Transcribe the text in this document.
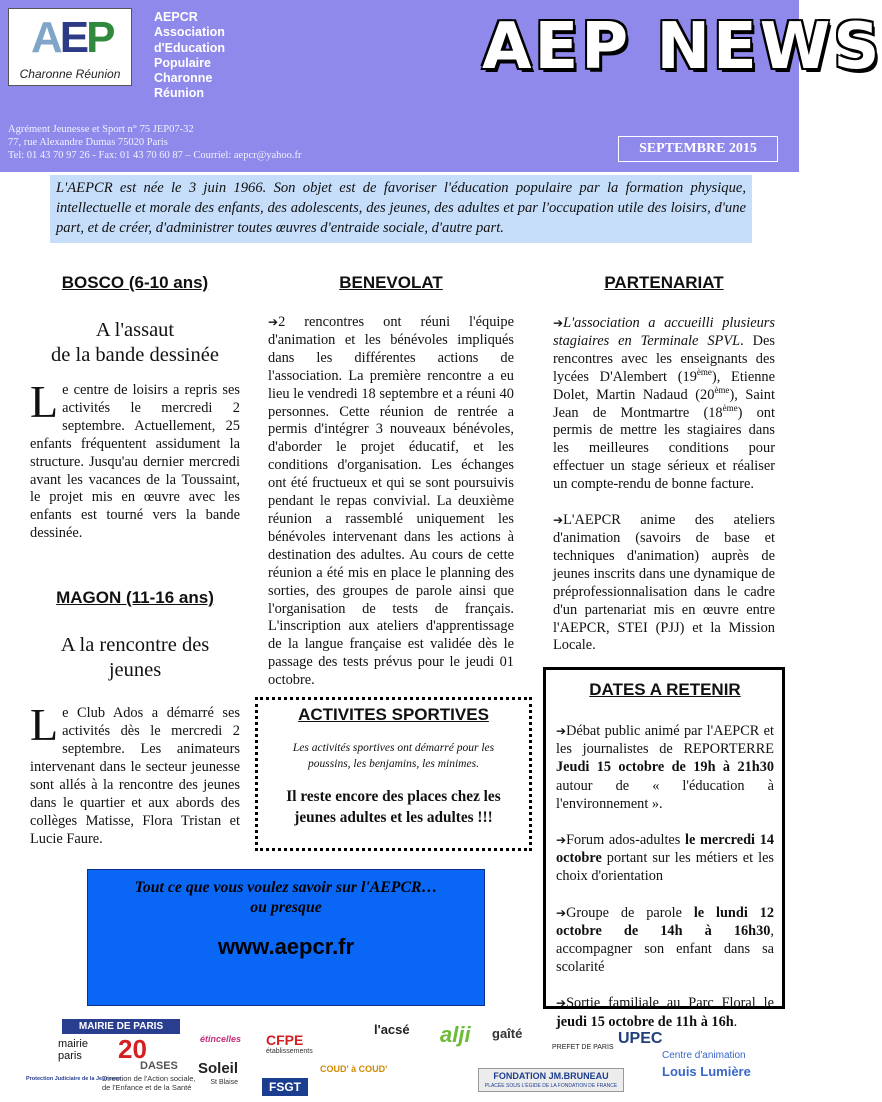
AEP
Charonne Réunion
AEPCR
Association
d'Education
Populaire
Charonne
Réunion
AEP NEWS
Agrément Jeunesse et Sport n° 75 JEP07-32
77, rue Alexandre Dumas 75020 Paris
Tel: 01 43 70 97 26 - Fax: 01 43 70 60 87 – Courriel: aepcr@yahoo.fr	SEPTEMBRE 2015
L'AEPCR est née le 3 juin 1966. Son objet est de favoriser l'éducation populaire par la formation physique, intellectuelle et morale des enfants, des adolescents, des jeunes, des adultes et par l'occupation utile des loisirs, d'une part, et de créer, d'administrer toutes œuvres d'entraide sociale, d'autre part.
BOSCO (6-10 ans)
A l'assaut
de la bande dessinée
Le centre de loisirs a repris ses activités le mercredi 2 septembre. Actuellement, 25 enfants fréquentent assidument la structure. Jusqu'au dernier mercredi avant les vacances de la Toussaint, le projet mis en œuvre avec les enfants est tourné vers la bande dessinée.
MAGON (11-16 ans)
A la rencontre des
jeunes
Le Club Ados a démarré ses activités dès le mercredi 2 septembre. Les animateurs intervenant dans le secteur jeunesse sont allés à la rencontre des jeunes dans le quartier et aux abords des collèges Matisse, Flora Tristan et Lucie Faure.
BENEVOLAT
➔2 rencontres ont réuni l'équipe d'animation et les bénévoles impliqués dans les différentes actions de l'association. La première rencontre a eu lieu le vendredi 18 septembre et a réuni 40 personnes. Cette réunion de rentrée a permis d'intégrer 3 nouveaux bénévoles, d'aborder le projet éducatif, et les conditions d'organisation. Les échanges ont été fructueux et qui se sont poursuivis pendant le repas convivial. La deuxième réunion a rassemblé uniquement les bénévoles intervenant dans les actions à destination des adultes. Au cours de cette réunion a été mis en place le planning des sorties, des groupes de parole ainsi que l'organisation de tests de français. L'inscription aux ateliers d'apprentissage de la langue française est validée dès le passage des tests prévus pour le jeudi 01 octobre.
PARTENARIAT
➔L'association a accueilli plusieurs stagiaires en Terminale SPVL. Des rencontres avec les enseignants des lycées D'Alembert (19ème), Etienne Dolet, Martin Nadaud (20ème), Saint Jean de Montmartre (18ème) ont permis de mettre les stagiaires dans les meilleures conditions pour effectuer un stage sérieux et réaliser un compte-rendu de bonne facture.
➔L'AEPCR anime des ateliers d'animation (savoirs de base et techniques d'animation) auprès de jeunes inscrits dans une dynamique de préprofessionnalisation dans le cadre d'un partenariat mis en œuvre entre l'AEPCR, STEI (PJJ) et la Mission Locale.
ACTIVITES SPORTIVES
Les activités sportives ont démarré pour les poussins, les benjamins, les minimes.
Il reste encore des places chez les jeunes adultes et les adultes !!!
DATES A RETENIR
➔Débat public animé par l'AEPCR et les journalistes de REPORTERRE Jeudi 15 octobre de 19h à 21h30 autour de « l'éducation à l'environnement ».
➔Forum ados-adultes le mercredi 14 octobre portant sur les métiers et les choix d'orientation
➔Groupe de parole le lundi 12 octobre de 14h à 16h30, accompagner son enfant dans sa scolarité
➔Sortie familiale au Parc Floral le jeudi 15 octobre de 11h à 16h.
Tout ce que vous voulez savoir sur l'AEPCR…
ou presque
www.aepcr.fr
MAIRIE DE PARIS
mairie
paris 20
DASES
Direction de l'Action sociale,
de l'Enfance et de la Santé
Protection Judiciaire de la Jeunesse
étincelles CFPE
établissements
Soleil
St Blaise	FSGT
COUD' à COUD'
l'acsé alji gaîté
PREFET DE PARIS
FONDATION JM.BRUNEAU
PLACÉE SOUS L'ÉGIDE DE LA FONDATION DE FRANCE
UPEC
Centre d'animation
Louis Lumière
